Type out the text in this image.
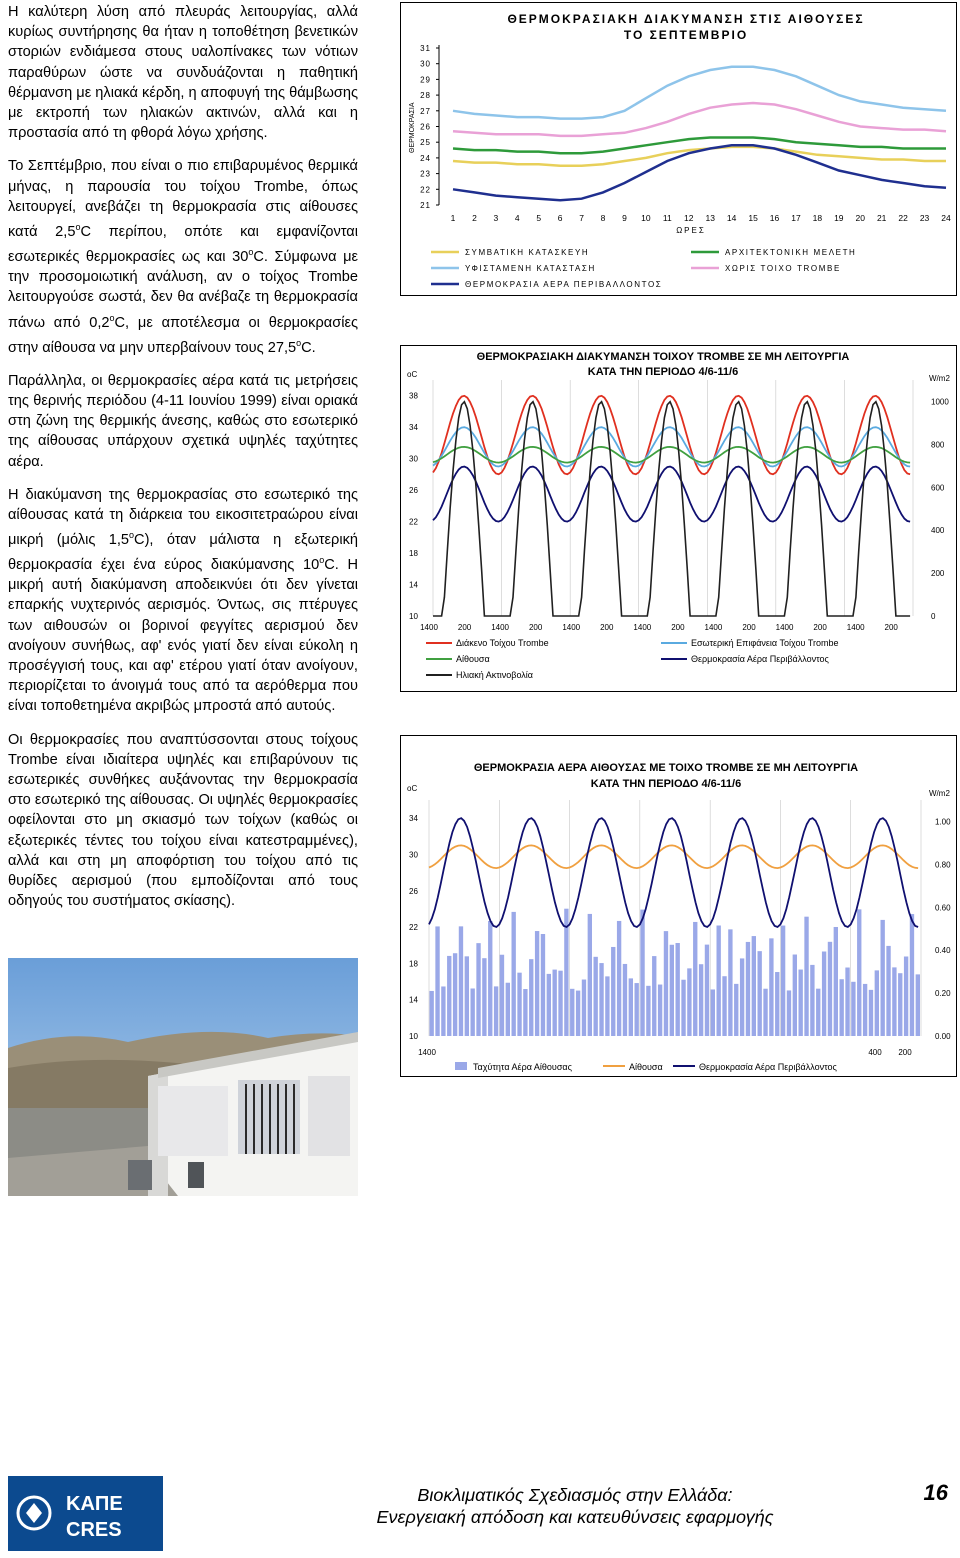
Η καλύτερη λύση από πλευράς λειτουργίας, αλλά κυρίως συντήρησης θα ήταν η τοποθέτηση βενετικών στοριών ενδιάμεσα στους υαλοπίνακες των νότιων παραθύρων ώστε να συνδυάζονται η παθητική θέρμανση με ηλιακά κέρδη, η αποφυγή της θάμβωσης με εκτροπή των ηλιακών ακτινών, αλλά και η προστασία από τη φθορά λόγω χρήσης.

Το Σεπτέμβριο, που είναι ο πιο επιβαρυμένος θερμικά μήνας, η παρουσία του τοίχου Trombe, όπως λειτουργεί, ανεβάζει τη θερμοκρασία στις αίθουσες κατά 2,5$^o$C περίπου, οπότε και εμφανίζονται εσωτερικές θερμοκρασίες ως και 30$^o$C. Σύμφωνα με την προσομοιωτική ανάλυση, αν ο τοίχος Trombe λειτουργούσε σωστά, δεν θα ανέβαζε τη θερμοκρασία πάνω από 0,2$^o$C, με αποτέλεσμα οι θερμοκρασίες στην αίθουσα να μην υπερβαίνουν τους 27,5$^o$C.

Παράλληλα, οι θερμοκρασίες αέρα κατά τις μετρήσεις της θερινής περιόδου (4-11 Ιουνίου 1999) είναι οριακά στη ζώνη της θερμικής άνεσης, καθώς στο εσωτερικό της αίθουσας υπάρχουν σχετικά υψηλές ταχύτητες αέρα.

Η διακύμανση της θερμοκρασίας στο εσωτερικό της αίθουσας κατά τη διάρκεια του εικοσιτετραώρου είναι μικρή (μόλις 1,5$^o$C), όταν μάλιστα η εξωτερική θερμοκρασία έχει ένα εύρος διακύμανσης 10$^o$C. Η μικρή αυτή διακύμανση αποδεικνύει ότι δεν γίνεται επαρκής νυχτερινός αερισμός. Όντως, σις πτέρυγες των αιθουσών οι βορινοί φεγγίτες αερισμού δεν ανοίγουν συνήθως, αφ' ενός γιατί δεν είναι εύκολη η προσέγγισή τους, και αφ' ετέρου γιατί όταν ανοίγουν, περιορίζεται το άνοιγμά τους από τα αερόθερμα που είναι τοποθετημένα ακριβώς μπροστά από αυτούς.

Οι θερμοκρασίες που αναπτύσσονται στους τοίχους Trombe είναι ιδιαίτερα υψηλές και επιβαρύνουν τις εσωτερικές συνθήκες αυξάνοντας την θερμοκρασία στο εσωτερικό της αίθουσας. Οι υψηλές θερμοκρασίες οφείλονται στο μη σκιασμό των τοίχων (καθώς οι εξωτερικές τέντες του τοίχου είναι κατεστραμμένες), αλλά και στη μη αποφόρτιση του τοίχου από τις θυρίδες αερισμού (που εμποδίζονται από τους οδηγούς του συστήματος σκίασης).

ΘΕΡΜΟΚΡΑΣΙΑΚΗ ΔΙΑΚΥΜΑΝΣΗ ΣΤΙΣ ΑΙΘΟΥΣΕΣ
ΤΟ ΣΕΠΤΕΜΒΡΙΟ
ΘΕΡΜΟΚΡΑΣΙΑ
21
22
23
24
25
26
27
28
29
30
31
1 2 3 4 5 6 7 8 9 10 11 12 13 14 15 16 17 18 19 20 21 22 23 24
ΩΡΕΣ
ΣΥΜΒΑΤΙΚΗ ΚΑΤΑΣΚΕΥΗ	ΑΡΧΙΤΕΚΤΟΝΙΚΗ ΜΕΛΕΤΗ
ΥΦΙΣΤΑΜΕΝΗ ΚΑΤΑΣΤΑΣΗ	ΧΩΡΙΣ ΤΟΙΧΟ TROMBE
ΘΕΡΜΟΚΡΑΣΙΑ ΑΕΡΑ ΠΕΡΙΒΑΛΛΟΝΤΟΣ
ΘΕΡΜΟΚΡΑΣΙΑΚΗ ΔΙΑΚΥΜΑΝΣΗ ΤΟΙΧΟΥ TROMBE ΣΕ ΜΗ ΛΕΙΤΟΥΡΓΙΑ
ΚΑΤΑ ΤΗΝ ΠΕΡΙΟΔΟ 4/6-11/6
oC	W/m2
38
34
30
26
22
18
14
10
1000
800
600
400
200
0
1400 200 1400 200 1400 200 1400 200 1400 200 1400 200 1400 200
Διάκενο Τοίχου Trombe	Εσωτερική Επιφάνεια Τοίχου Trombe
Αίθουσα	Θερμοκρασία Αέρα Περιβάλλοντος
Ηλιακή Ακτινοβολία
ΘΕΡΜΟΚΡΑΣΙΑ ΑΕΡΑ ΑΙΘΟΥΣΑΣ ΜΕ ΤΟΙΧΟ TROMBE ΣΕ ΜΗ ΛΕΙΤΟΥΡΓΙΑ
ΚΑΤΑ ΤΗΝ ΠΕΡΙΟΔΟ 4/6-11/6
oC
W/m2
34
30
26
22
18
14
10
1.00
0.80
0.60
0.40
0.20
0.00
1400	400 200
Ταχύτητα Αέρα Αίθουσας	Αίθουσα	Θερμοκρασία Αέρα Περιβάλλοντος
ΚΑΠΕ
CRES
Βιοκλιματικός Σχεδιασμός στην Ελλάδα:
Ενεργειακή απόδοση και κατευθύνσεις εφαρμογής
16
